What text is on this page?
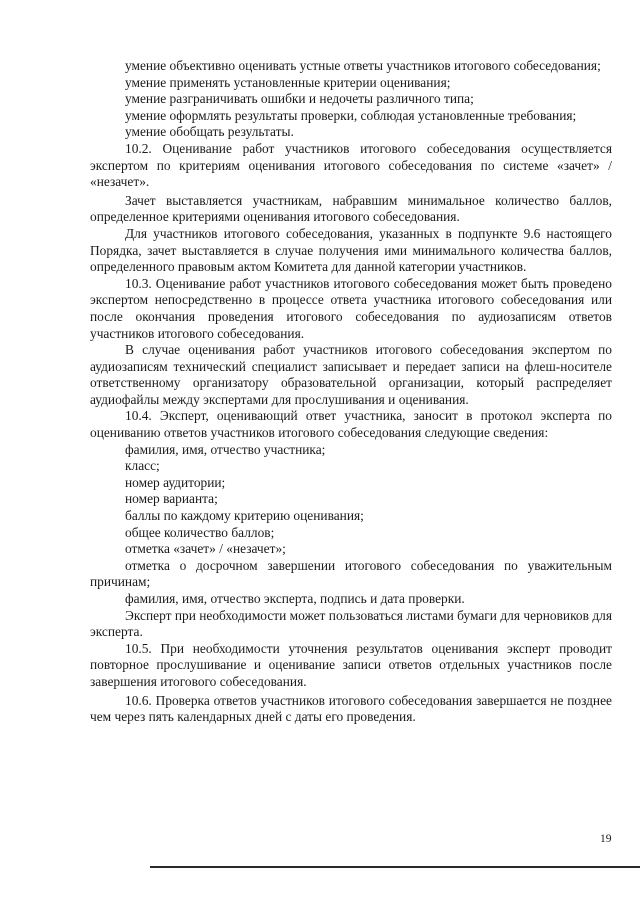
умение объективно оценивать устные ответы участников итогового собеседования;

умение применять установленные критерии оценивания;

умение разграничивать ошибки и недочеты различного типа;

умение оформлять результаты проверки, соблюдая установленные требования;

умение обобщать результаты.

10.2. Оценивание работ участников итогового собеседования осуществляется экспертом по критериям оценивания итогового собеседования по системе «зачет» / «незачет».

Зачет выставляется участникам, набравшим минимальное количество баллов, определенное критериями оценивания итогового собеседования.

Для участников итогового собеседования, указанных в подпункте 9.6 настоящего Порядка, зачет выставляется в случае получения ими минимального количества баллов, определенного правовым актом Комитета для данной категории участников.

10.3. Оценивание работ участников итогового собеседования может быть проведено экспертом непосредственно в процессе ответа участника итогового собеседования или после окончания проведения итогового собеседования по аудиозаписям ответов участников итогового собеседования.

В случае оценивания работ участников итогового собеседования экспертом по аудиозаписям технический специалист записывает и передает записи на флеш-носителе ответственному организатору образовательной организации, который распределяет аудиофайлы между экспертами для прослушивания и оценивания.

10.4. Эксперт, оценивающий ответ участника, заносит в протокол эксперта по оцениванию ответов участников итогового собеседования следующие сведения:

фамилия, имя, отчество участника;

класс;

номер аудитории;

номер варианта;

баллы по каждому критерию оценивания;

общее количество баллов;

отметка «зачет» / «незачет»;

отметка о досрочном завершении итогового собеседования по уважительным причинам;

фамилия, имя, отчество эксперта, подпись и дата проверки.

Эксперт при необходимости может пользоваться листами бумаги для черновиков для эксперта.

10.5. При необходимости уточнения результатов оценивания эксперт проводит повторное прослушивание и оценивание записи ответов отдельных участников после завершения итогового собеседования.

10.6. Проверка ответов участников итогового собеседования завершается не позднее чем через пять календарных дней с даты его проведения.

19
